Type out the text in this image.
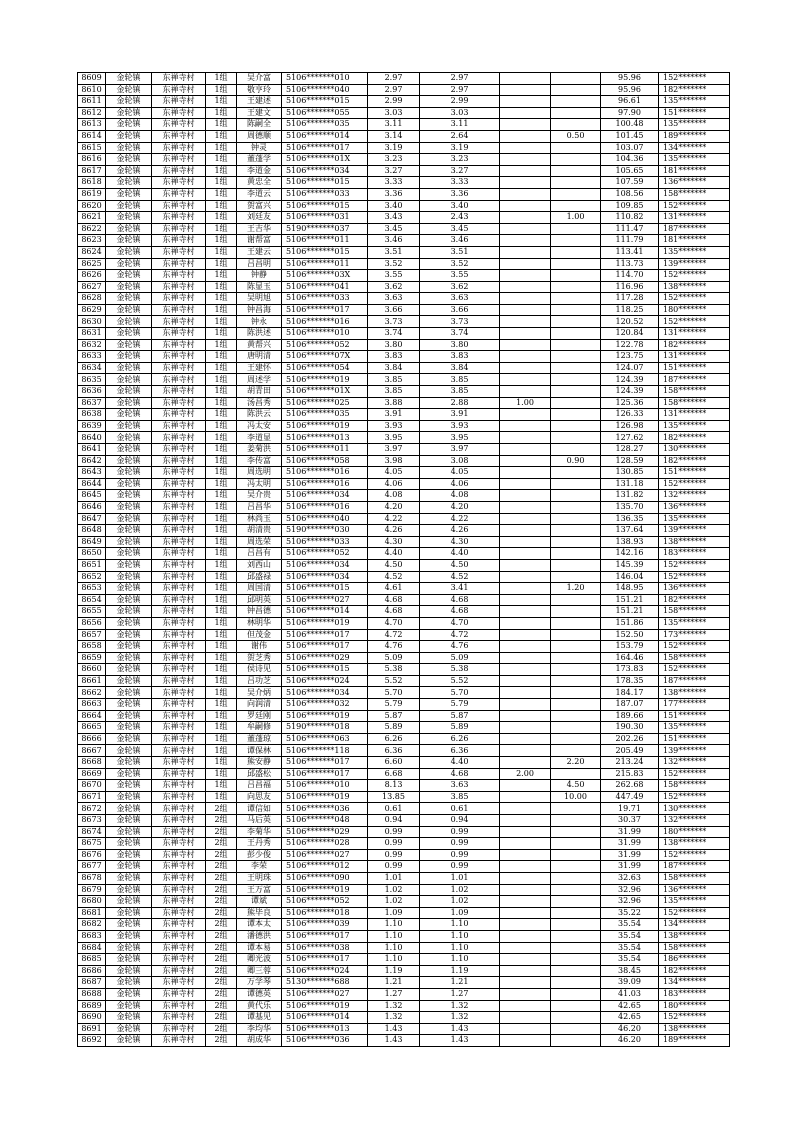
8609	金轮镇	东禅寺村	1组	吴介富	5106*******010	2.97	2.97			95.96	152*******
8610	金轮镇	东禅寺村	1组	敬亨玲	5106*******040	2.97	2.97			95.96	182*******
8611	金轮镇	东禅寺村	1组	王建述	5106*******015	2.99	2.99			96.61	135*******
8612	金轮镇	东禅寺村	1组	王建文	5106*******055	3.03	3.03			97.90	151*******
8613	金轮镇	东禅寺村	1组	陈嗣全	5106*******035	3.11	3.11			100.48	135*******
8614	金轮镇	东禅寺村	1组	周德顺	5106*******014	3.14	2.64		0.50	101.45	189*******
8615	金轮镇	东禅寺村	1组	钟灵	5106*******017	3.19	3.19			103.07	134*******
8616	金轮镇	东禅寺村	1组	董蓬学	5106*******01X	3.23	3.23			104.36	135*******
8617	金轮镇	东禅寺村	1组	李道金	5106*******034	3.27	3.27			105.65	181*******
8618	金轮镇	东禅寺村	1组	黄忠全	5106*******015	3.33	3.33			107.59	136*******
8619	金轮镇	东禅寺村	1组	李道云	5106*******033	3.36	3.36			108.56	158*******
8620	金轮镇	东禅寺村	1组	贺富兴	5106*******015	3.40	3.40			109.85	152*******
8621	金轮镇	东禅寺村	1组	刘廷友	5106*******031	3.43	2.43		1.00	110.82	131*******
8622	金轮镇	东禅寺村	1组	王吉华	5190*******037	3.45	3.45			111.47	187*******
8623	金轮镇	东禅寺村	1组	谢帮富	5106*******011	3.46	3.46			111.79	181*******
8624	金轮镇	东禅寺村	1组	王建云	5106*******015	3.51	3.51			113.41	135*******
8625	金轮镇	东禅寺村	1组	吕昌明	5106*******011	3.52	3.52			113.73	139*******
8626	金轮镇	东禅寺村	1组	钟静	5106*******03X	3.55	3.55			114.70	152*******
8627	金轮镇	东禅寺村	1组	陈显玉	5106*******041	3.62	3.62			116.96	138*******
8628	金轮镇	东禅寺村	1组	吴明旭	5106*******033	3.63	3.63			117.28	152*******
8629	金轮镇	东禅寺村	1组	钟昌海	5106*******017	3.66	3.66			118.25	180*******
8630	金轮镇	东禅寺村	1组	钟永	5106*******016	3.73	3.73			120.52	152*******
8631	金轮镇	东禅寺村	1组	陈洪述	5106*******010	3.74	3.74			120.84	131*******
8632	金轮镇	东禅寺村	1组	黄帮兴	5106*******052	3.80	3.80			122.78	182*******
8633	金轮镇	东禅寺村	1组	唐明清	5106*******07X	3.83	3.83			123.75	131*******
8634	金轮镇	东禅寺村	1组	王建怀	5106*******054	3.84	3.84			124.07	151*******
8635	金轮镇	东禅寺村	1组	周述学	5106*******019	3.85	3.85			124.39	187*******
8636	金轮镇	东禅寺村	1组	胡青田	5106*******01X	3.85	3.85			124.39	158*******
8637	金轮镇	东禅寺村	1组	汤昌秀	5106*******025	3.88	2.88	1.00		125.36	158*******
8638	金轮镇	东禅寺村	1组	陈洪云	5106*******035	3.91	3.91			126.33	131*******
8639	金轮镇	东禅寺村	1组	冯太安	5106*******019	3.93	3.93			126.98	135*******
8640	金轮镇	东禅寺村	1组	李道显	5106*******013	3.95	3.95			127.62	182*******
8641	金轮镇	东禅寺村	1组	姜菊洪	5106*******011	3.97	3.97			128.27	130*******
8642	金轮镇	东禅寺村	1组	李传富	5106*******058	3.98	3.08		0.90	128.59	182*******
8643	金轮镇	东禅寺村	1组	周选明	5106*******016	4.05	4.05			130.85	151*******
8644	金轮镇	东禅寺村	1组	冯太明	5106*******016	4.06	4.06			131.18	152*******
8645	金轮镇	东禅寺村	1组	吴介贵	5106*******034	4.08	4.08			131.82	132*******
8646	金轮镇	东禅寺村	1组	吕昌华	5106*******016	4.20	4.20			135.70	136*******
8647	金轮镇	东禅寺村	1组	林尚玉	5106*******040	4.22	4.22			136.35	135*******
8648	金轮镇	东禅寺村	1组	胡清贵	5190*******030	4.26	4.26			137.64	139*******
8649	金轮镇	东禅寺村	1组	周选荣	5106*******033	4.30	4.30			138.93	138*******
8650	金轮镇	东禅寺村	1组	吕昌有	5106*******052	4.40	4.40			142.16	183*******
8651	金轮镇	东禅寺村	1组	刘西山	5106*******034	4.50	4.50			145.39	152*******
8652	金轮镇	东禅寺村	1组	邱盛禄	5106*******034	4.52	4.52			146.04	152*******
8653	金轮镇	东禅寺村	1组	周国清	5106*******015	4.61	3.41		1.20	148.95	136*******
8654	金轮镇	东禅寺村	1组	邱明英	5106*******027	4.68	4.68			151.21	182*******
8655	金轮镇	东禅寺村	1组	钟昌德	5106*******014	4.68	4.68			151.21	158*******
8656	金轮镇	东禅寺村	1组	林明华	5106*******019	4.70	4.70			151.86	135*******
8657	金轮镇	东禅寺村	1组	但茂金	5106*******017	4.72	4.72			152.50	173*******
8658	金轮镇	东禅寺村	1组	谢伟	5106*******017	4.76	4.76			153.79	152*******
8659	金轮镇	东禅寺村	1组	贺芝秀	5106*******029	5.09	5.09			164.46	158*******
8660	金轮镇	东禅寺村	1组	侯诗见	5106*******015	5.38	5.38			173.83	152*******
8661	金轮镇	东禅寺村	1组	吕功芝	5106*******024	5.52	5.52			178.35	187*******
8662	金轮镇	东禅寺村	1组	吴介炳	5106*******034	5.70	5.70			184.17	138*******
8663	金轮镇	东禅寺村	1组	向润清	5106*******032	5.79	5.79			187.07	177*******
8664	金轮镇	东禅寺村	1组	罗廷刚	5106*******019	5.87	5.87			189.66	151*******
8665	金轮镇	东禅寺村	1组	牟嗣修	5190*******018	5.89	5.89			190.30	135*******
8666	金轮镇	东禅寺村	1组	董蓬琼	5106*******063	6.26	6.26			202.26	151*******
8667	金轮镇	东禅寺村	1组	谭保林	5106*******118	6.36	6.36			205.49	139*******
8668	金轮镇	东禅寺村	1组	熊安静	5106*******017	6.60	4.40		2.20	213.24	132*******
8669	金轮镇	东禅寺村	1组	邱盛松	5106*******017	6.68	4.68	2.00		215.83	152*******
8670	金轮镇	东禅寺村	1组	吕昌福	5106*******010	8.13	3.63		4.50	262.68	158*******
8671	金轮镇	东禅寺村	1组	向思友	5106*******019	13.85	3.85		10.00	447.49	152*******
8672	金轮镇	东禅寺村	2组	谭信如	5106*******036	0.61	0.61			19.71	130*******
8673	金轮镇	东禅寺村	2组	马后英	5106*******048	0.94	0.94			30.37	132*******
8674	金轮镇	东禅寺村	2组	李菊华	5106*******029	0.99	0.99			31.99	180*******
8675	金轮镇	东禅寺村	2组	王丹秀	5106*******028	0.99	0.99			31.99	138*******
8676	金轮镇	东禅寺村	2组	彭少俊	5106*******027	0.99	0.99			31.99	152*******
8677	金轮镇	东禅寺村	2组	李荣	5106*******012	0.99	0.99			31.99	187*******
8678	金轮镇	东禅寺村	2组	王明珠	5106*******090	1.01	1.01			32.63	158*******
8679	金轮镇	东禅寺村	2组	王万富	5106*******019	1.02	1.02			32.96	136*******
8680	金轮镇	东禅寺村	2组	谭斌	5106*******052	1.02	1.02			32.96	135*******
8681	金轮镇	东禅寺村	2组	熊毕良	5106*******018	1.09	1.09			35.22	152*******
8682	金轮镇	东禅寺村	2组	谭本太	5106*******039	1.10	1.10			35.54	134*******
8683	金轮镇	东禅寺村	2组	潘德洪	5106*******017	1.10	1.10			35.54	138*******
8684	金轮镇	东禅寺村	2组	谭本易	5106*******038	1.10	1.10			35.54	158*******
8685	金轮镇	东禅寺村	2组	卿光波	5106*******017	1.10	1.10			35.54	186*******
8686	金轮镇	东禅寺村	2组	卿三蓉	5106*******024	1.19	1.19			38.45	182*******
8687	金轮镇	东禅寺村	2组	万学琴	5130*******688	1.21	1.21			39.09	134*******
8688	金轮镇	东禅寺村	2组	谭德英	5106*******027	1.27	1.27			41.03	183*******
8689	金轮镇	东禅寺村	2组	黄代乐	5106*******019	1.32	1.32			42.65	180*******
8690	金轮镇	东禅寺村	2组	谭基见	5106*******014	1.32	1.32			42.65	152*******
8691	金轮镇	东禅寺村	2组	李均华	5106*******013	1.43	1.43			46.20	138*******
8692	金轮镇	东禅寺村	2组	胡成华	5106*******036	1.43	1.43			46.20	189*******
